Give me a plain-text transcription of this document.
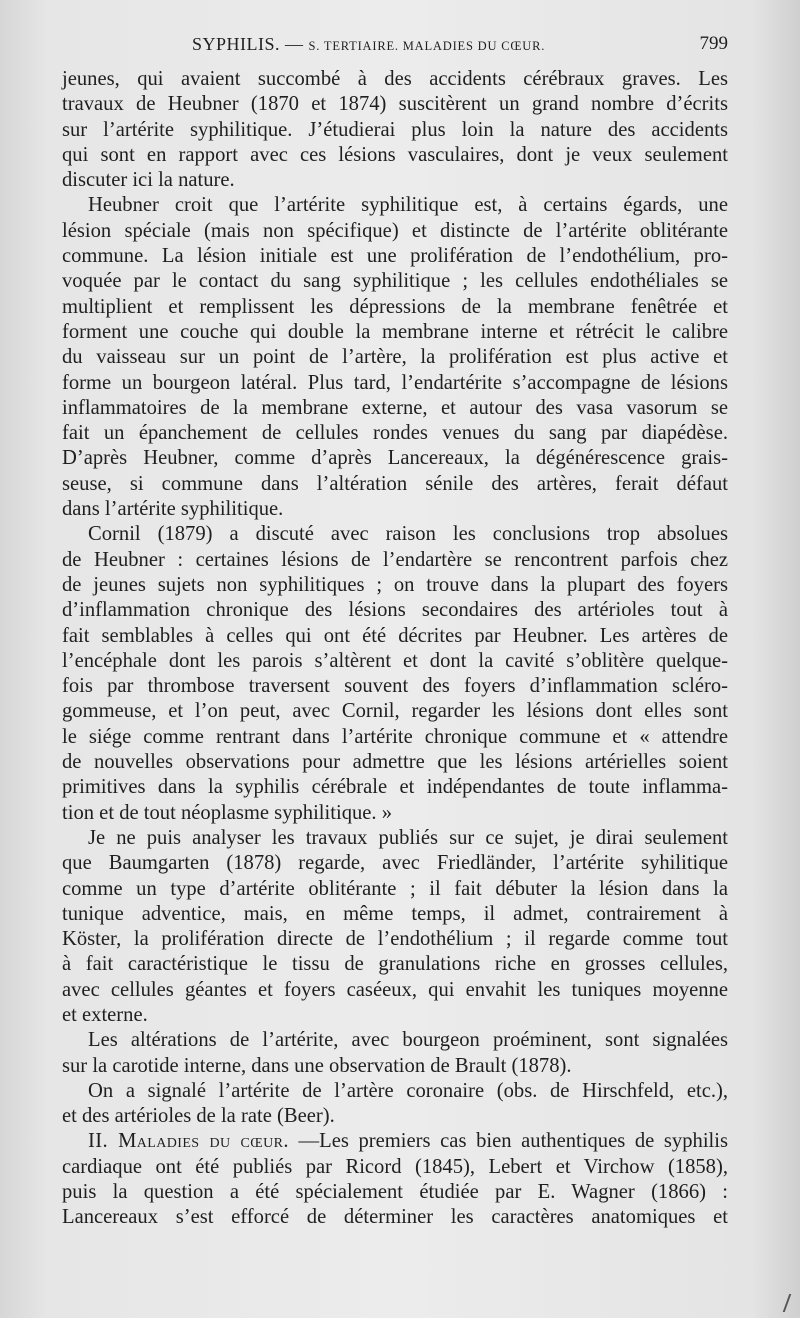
SYPHILIS. — S. TERTIAIRE. MALADIES DU CŒUR.	799

jeunes, qui avaient succombé à des accidents cérébraux graves. Les

travaux de Heubner (1870 et 1874) suscitèrent un grand nombre d’écrits

sur l’artérite syphilitique. J’étudierai plus loin la nature des accidents

qui sont en rapport avec ces lésions vasculaires, dont je veux seulement

discuter ici la nature.

Heubner croit que l’artérite syphilitique est, à certains égards, une

lésion spéciale (mais non spécifique) et distincte de l’artérite oblitérante

commune. La lésion initiale est une prolifération de l’endothélium, pro-

voquée par le contact du sang syphilitique ; les cellules endothéliales se

multiplient et remplissent les dépressions de la membrane fenêtrée et

forment une couche qui double la membrane interne et rétrécit le calibre

du vaisseau sur un point de l’artère, la prolifération est plus active et

forme un bourgeon latéral. Plus tard, l’endartérite s’accompagne de lésions

inflammatoires de la membrane externe, et autour des vasa vasorum se

fait un épanchement de cellules rondes venues du sang par diapédèse.

D’après Heubner, comme d’après Lancereaux, la dégénérescence grais-

seuse, si commune dans l’altération sénile des artères, ferait défaut

dans l’artérite syphilitique.

Cornil (1879) a discuté avec raison les conclusions trop absolues

de Heubner : certaines lésions de l’endartère se rencontrent parfois chez

de jeunes sujets non syphilitiques ; on trouve dans la plupart des foyers

d’inflammation chronique des lésions secondaires des artérioles tout à

fait semblables à celles qui ont été décrites par Heubner. Les artères de

l’encéphale dont les parois s’altèrent et dont la cavité s’oblitère quelque-

fois par thrombose traversent souvent des foyers d’inflammation scléro-

gommeuse, et l’on peut, avec Cornil, regarder les lésions dont elles sont

le siége comme rentrant dans l’artérite chronique commune et « attendre

de nouvelles observations pour admettre que les lésions artérielles soient

primitives dans la syphilis cérébrale et indépendantes de toute inflamma-

tion et de tout néoplasme syphilitique. »

Je ne puis analyser les travaux publiés sur ce sujet, je dirai seulement

que Baumgarten (1878) regarde, avec Friedländer, l’artérite syhilitique

comme un type d’artérite oblitérante ; il fait débuter la lésion dans la

tunique adventice, mais, en même temps, il admet, contrairement à

Köster, la prolifération directe de l’endothélium ; il regarde comme tout

à fait caractéristique le tissu de granulations riche en grosses cellules,

avec cellules géantes et foyers caséeux, qui envahit les tuniques moyenne

et externe.

Les altérations de l’artérite, avec bourgeon proéminent, sont signalées

sur la carotide interne, dans une observation de Brault (1878).

On a signalé l’artérite de l’artère coronaire (obs. de Hirschfeld, etc.),

et des artérioles de la rate (Beer).

II. Maladies du cœur. —Les premiers cas bien authentiques de syphilis

cardiaque ont été publiés par Ricord (1845), Lebert et Virchow (1858),

puis la question a été spécialement étudiée par E. Wagner (1866) :

Lancereaux s’est efforcé de déterminer les caractères anatomiques et
